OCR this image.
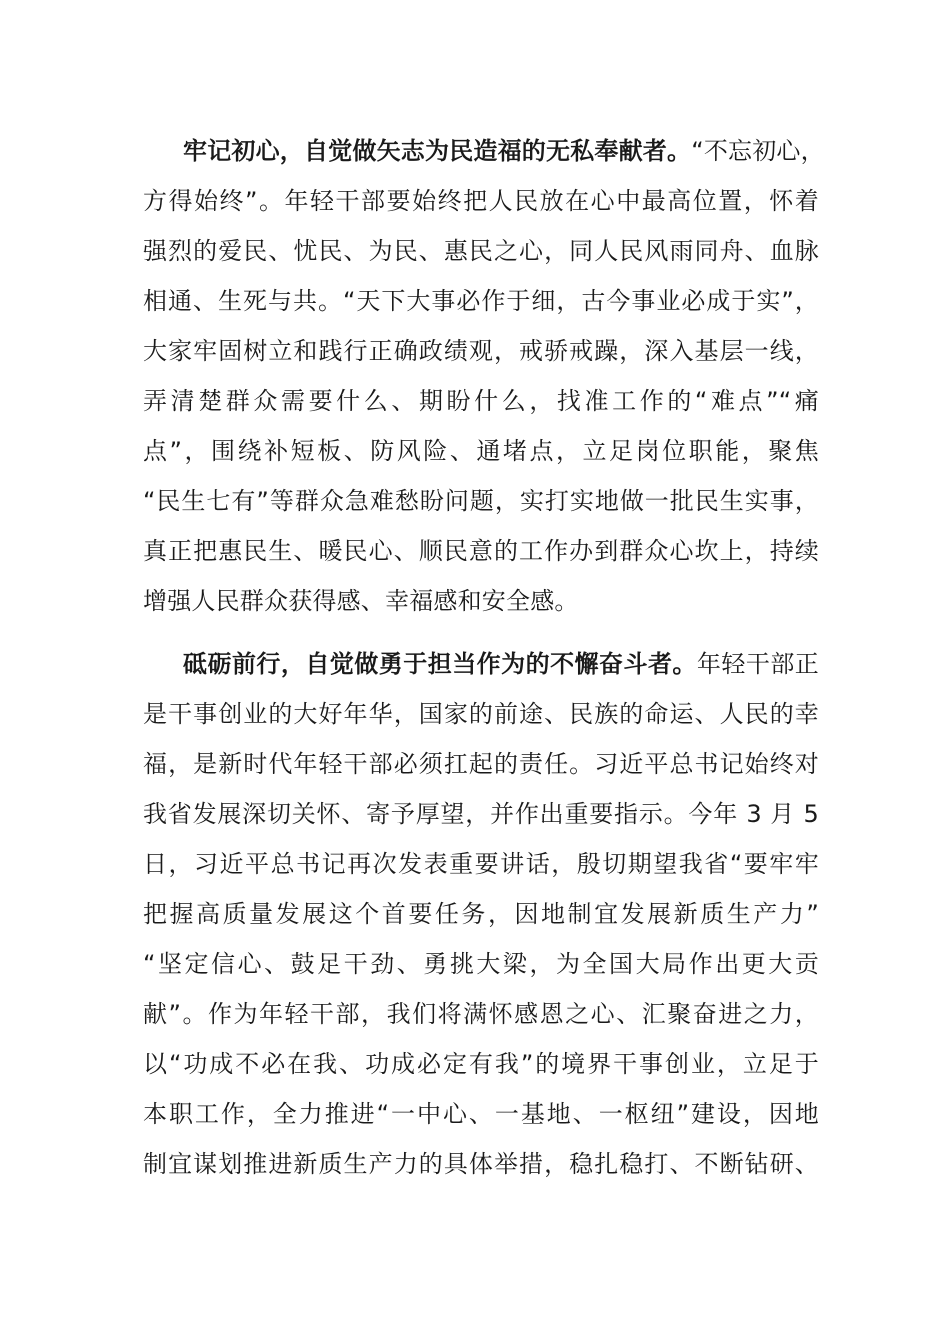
牢记初心，自觉做矢志为民造福的无私奉献者。“不忘初心，
方得始终”。年轻干部要始终把人民放在心中最高位置，怀着
强烈的爱民、忧民、为民、惠民之心，同人民风雨同舟、血脉
相通、生死与共。“天下大事必作于细，古今事业必成于实”，
大家牢固树立和践行正确政绩观，戒骄戒躁，深入基层一线，
弄清楚群众需要什么、期盼什么，找准工作的“难点”“痛
点”，围绕补短板、防风险、通堵点，立足岗位职能，聚焦
“民生七有”等群众急难愁盼问题，实打实地做一批民生实事，
真正把惠民生、暖民心、顺民意的工作办到群众心坎上，持续
增强人民群众获得感、幸福感和安全感。
砥砺前行，自觉做勇于担当作为的不懈奋斗者。年轻干部正
是干事创业的大好年华，国家的前途、民族的命运、人民的幸
福，是新时代年轻干部必须扛起的责任。习近平总书记始终对
我省发展深切关怀、寄予厚望，并作出重要指示。今年 3 月 5
日，习近平总书记再次发表重要讲话，殷切期望我省“要牢牢
把握高质量发展这个首要任务，因地制宜发展新质生产力”
“坚定信心、鼓足干劲、勇挑大梁，为全国大局作出更大贡
献”。作为年轻干部，我们将满怀感恩之心、汇聚奋进之力，
以“功成不必在我、功成必定有我”的境界干事创业，立足于
本职工作，全力推进“一中心、一基地、一枢纽”建设，因地
制宜谋划推进新质生产力的具体举措，稳扎稳打、不断钻研、
